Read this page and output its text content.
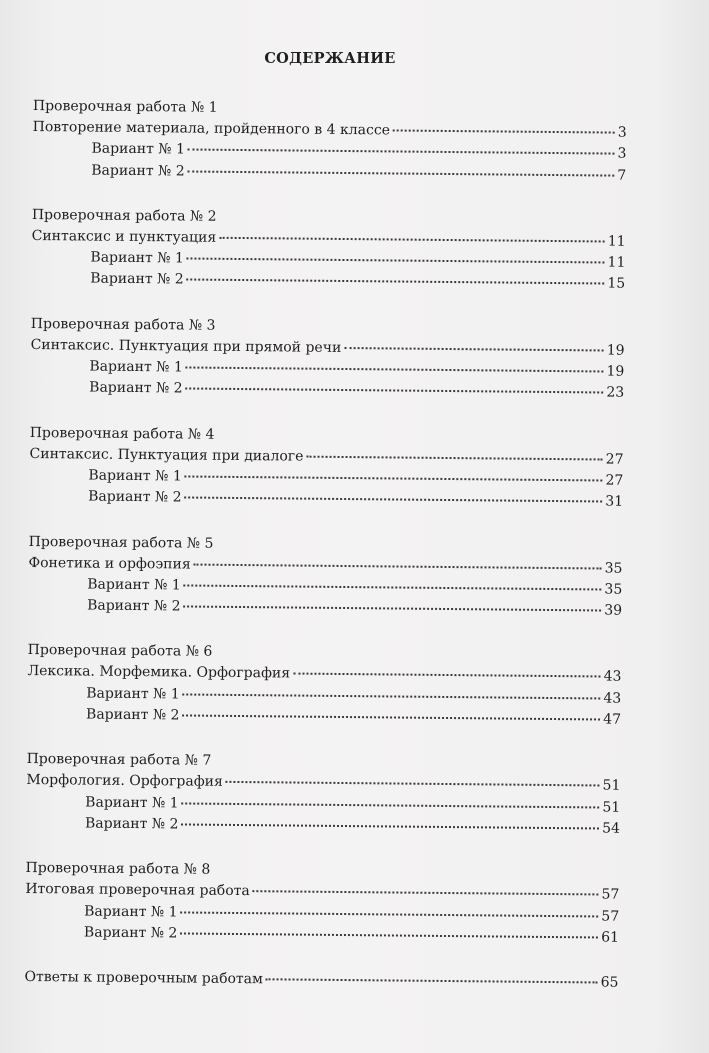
СОДЕРЖАНИЕ
Проверочная работа № 1
Повторение материала, пройденного в 4 классе	3
Вариант № 1	3
Вариант № 2	7
Проверочная работа № 2
Синтаксис и пунктуация	11
Вариант № 1	11
Вариант № 2	15
Проверочная работа № 3
Синтаксис. Пунктуация при прямой речи	19
Вариант № 1	19
Вариант № 2	23
Проверочная работа № 4
Синтаксис. Пунктуация при диалоге	27
Вариант № 1	27
Вариант № 2	31
Проверочная работа № 5
Фонетика и орфоэпия	35
Вариант № 1	35
Вариант № 2	39
Проверочная работа № 6
Лексика. Морфемика. Орфография	43
Вариант № 1	43
Вариант № 2	47
Проверочная работа № 7
Морфология. Орфография	51
Вариант № 1	51
Вариант № 2	54
Проверочная работа № 8
Итоговая проверочная работа	57
Вариант № 1	57
Вариант № 2	61
Ответы к проверочным работам	65
